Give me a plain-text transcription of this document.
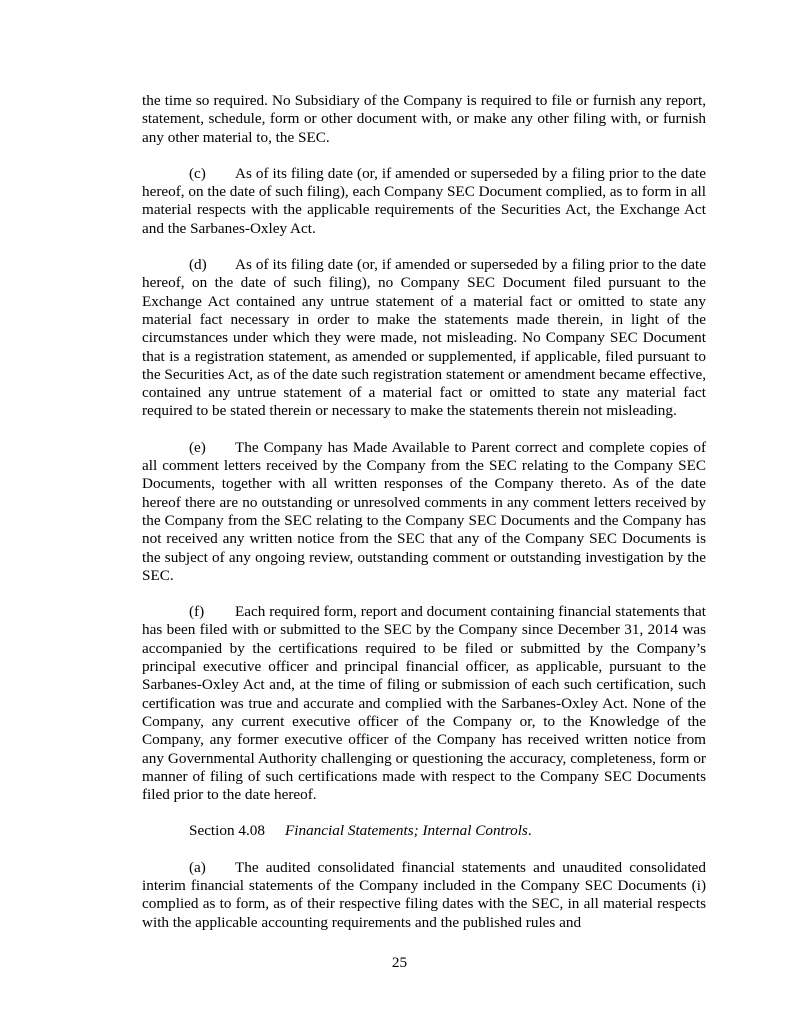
the time so required. No Subsidiary of the Company is required to file or furnish any report, statement, schedule, form or other document with, or make any other filing with, or furnish any other material to, the SEC.

(c) As of its filing date (or, if amended or superseded by a filing prior to the date hereof, on the date of such filing), each Company SEC Document complied, as to form in all material respects with the applicable requirements of the Securities Act, the Exchange Act and the Sarbanes-Oxley Act.

(d) As of its filing date (or, if amended or superseded by a filing prior to the date hereof, on the date of such filing), no Company SEC Document filed pursuant to the Exchange Act contained any untrue statement of a material fact or omitted to state any material fact necessary in order to make the statements made therein, in light of the circumstances under which they were made, not misleading. No Company SEC Document that is a registration statement, as amended or supplemented, if applicable, filed pursuant to the Securities Act, as of the date such registration statement or amendment became effective, contained any untrue statement of a material fact or omitted to state any material fact required to be stated therein or necessary to make the statements therein not misleading.

(e) The Company has Made Available to Parent correct and complete copies of all comment letters received by the Company from the SEC relating to the Company SEC Documents, together with all written responses of the Company thereto. As of the date hereof there are no outstanding or unresolved comments in any comment letters received by the Company from the SEC relating to the Company SEC Documents and the Company has not received any written notice from the SEC that any of the Company SEC Documents is the subject of any ongoing review, outstanding comment or outstanding investigation by the SEC.

(f) Each required form, report and document containing financial statements that has been filed with or submitted to the SEC by the Company since December 31, 2014 was accompanied by the certifications required to be filed or submitted by the Company’s principal executive officer and principal financial officer, as applicable, pursuant to the Sarbanes-Oxley Act and, at the time of filing or submission of each such certification, such certification was true and accurate and complied with the Sarbanes-Oxley Act. None of the Company, any current executive officer of the Company or, to the Knowledge of the Company, any former executive officer of the Company has received written notice from any Governmental Authority challenging or questioning the accuracy, completeness, form or manner of filing of such certifications made with respect to the Company SEC Documents filed prior to the date hereof.

Section 4.08 Financial Statements; Internal Controls.

(a) The audited consolidated financial statements and unaudited consolidated interim financial statements of the Company included in the Company SEC Documents (i) complied as to form, as of their respective filing dates with the SEC, in all material respects with the applicable accounting requirements and the published rules and

25
